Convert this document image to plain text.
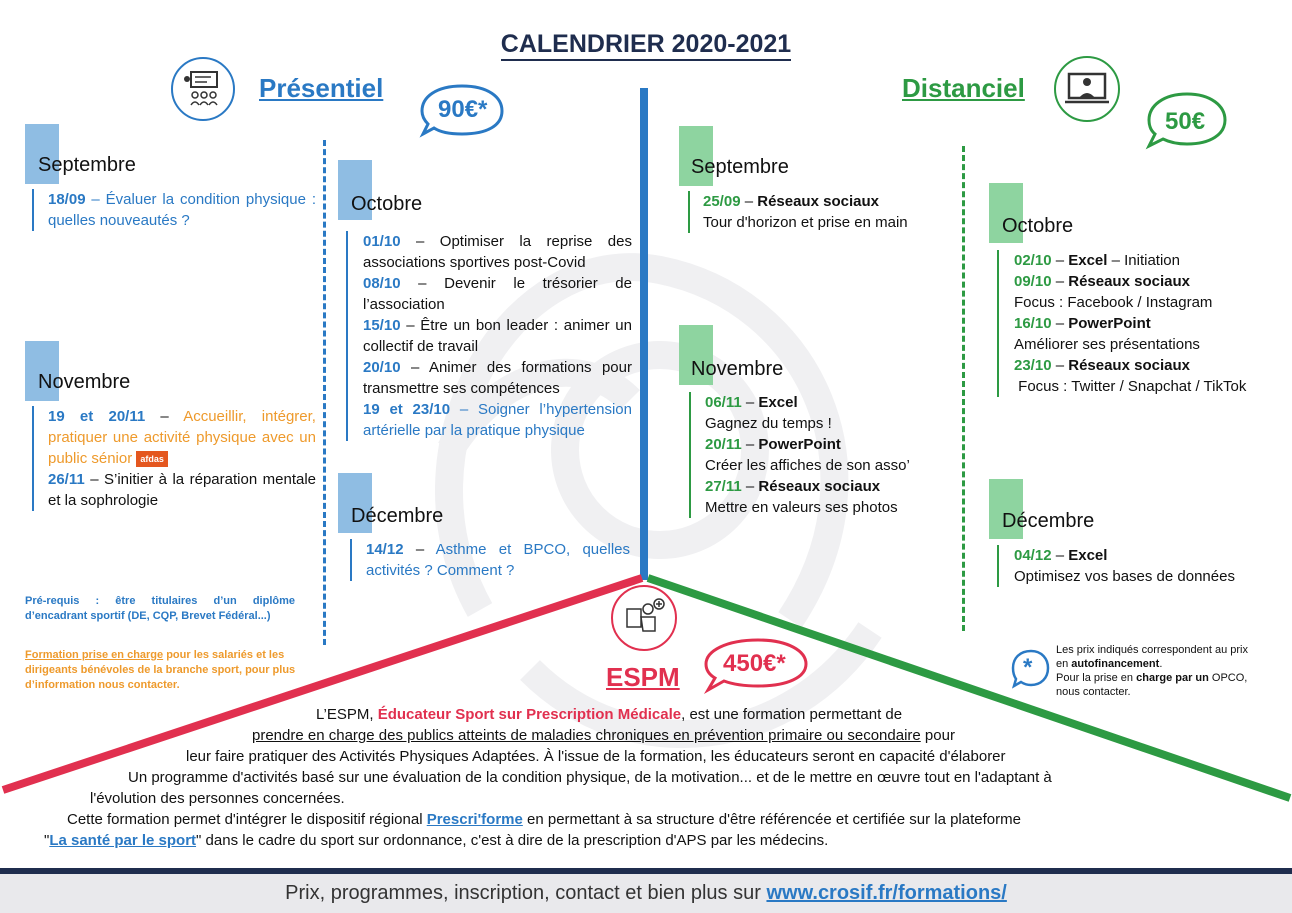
CALENDRIER 2020-2021
Présentiel
90€*
Septembre

18/09 – Évaluer la condition physique : quelles nouveautés ?

Novembre

19 et 20/11 – Accueillir, intégrer, pratiquer une activité physique avec un public sénior afdas

26/11 – S’initier à la réparation mentale et la sophrologie

Octobre

01/10 – Optimiser la reprise des associations sportives post-Covid

08/10 – Devenir le trésorier de l’association

15/10 – Être un bon leader : animer un collectif de travail

20/10 – Animer des formations pour transmettre ses compétences

19 et 23/10 – Soigner l’hypertension artérielle par la pratique physique

Décembre

14/12 – Asthme et BPCO, quelles activités ? Comment ?

Pré-requis : être titulaires d’un diplôme d’encadrant sportif (DE, CQP, Brevet Fédéral...)
Formation prise en charge pour les salariés et les dirigeants bénévoles de la branche sport, pour plus d’information nous contacter.
Distanciel
50€
Septembre

25/09 – Réseaux sociaux

Tour d'horizon et prise en main

Novembre

06/11 – Excel

Gagnez du temps !

20/11 – PowerPoint

Créer les affiches de son asso’

27/11 – Réseaux sociaux

Mettre en valeurs ses photos

Octobre

02/10 – Excel – Initiation

09/10 – Réseaux sociaux

Focus : Facebook / Instagram

16/10 – PowerPoint

Améliorer ses présentations

23/10 – Réseaux sociaux

Focus : Twitter / Snapchat / TikTok

Décembre

04/12 – Excel

Optimisez vos bases de données

*
Les prix indiqués correspondent au prix
en autofinancement.
Pour la prise en charge par un OPCO,
nous contacter.
ESPM 450€*
L’ESPM, Éducateur Sport sur Prescription Médicale, est une formation permettant de
prendre en charge des publics atteints de maladies chroniques en prévention primaire ou secondaire pour
leur faire pratiquer des Activités Physiques Adaptées. À l'issue de la formation, les éducateurs seront en capacité d'élaborer
Un programme d'activités basé sur une évaluation de la condition physique, de la motivation... et de le mettre en œuvre tout en l'adaptant à
l'évolution des personnes concernées.
Cette formation permet d'intégrer le dispositif régional Prescri'forme en permettant à sa structure d'être référencée et certifiée sur la plateforme
"La santé par le sport" dans le cadre du sport sur ordonnance, c'est à dire de la prescription d'APS par les médecins.
Prix, programmes, inscription, contact et bien plus sur www.crosif.fr/formations/
